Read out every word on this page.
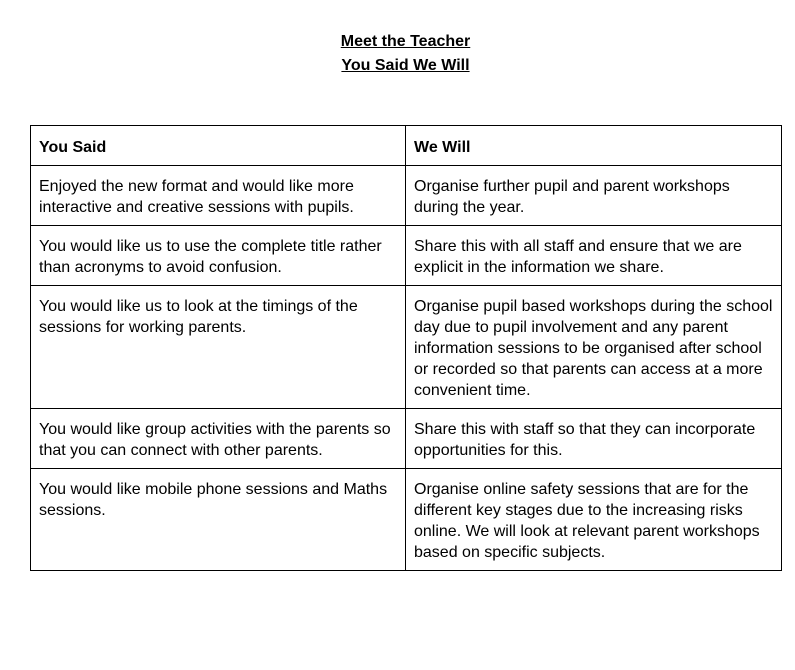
Meet the Teacher
You Said We Will
You Said	We Will
Enjoyed the new format and would like more interactive and creative sessions with pupils.	Organise further pupil and parent workshops during the year.
You would like us to use the complete title rather than acronyms to avoid confusion.	Share this with all staff and ensure that we are explicit in the information we share.
You would like us to look at the timings of the sessions for working parents.	Organise pupil based workshops during the school day due to pupil involvement and any parent information sessions to be organised after school or recorded so that parents can access at a more convenient time.
You would like group activities with the parents so that you can connect with other parents.	Share this with staff so that they can incorporate opportunities for this.
You would like mobile phone sessions and Maths sessions.	Organise online safety sessions that are for the different key stages due to the increasing risks online. We will look at relevant parent workshops based on specific subjects.
